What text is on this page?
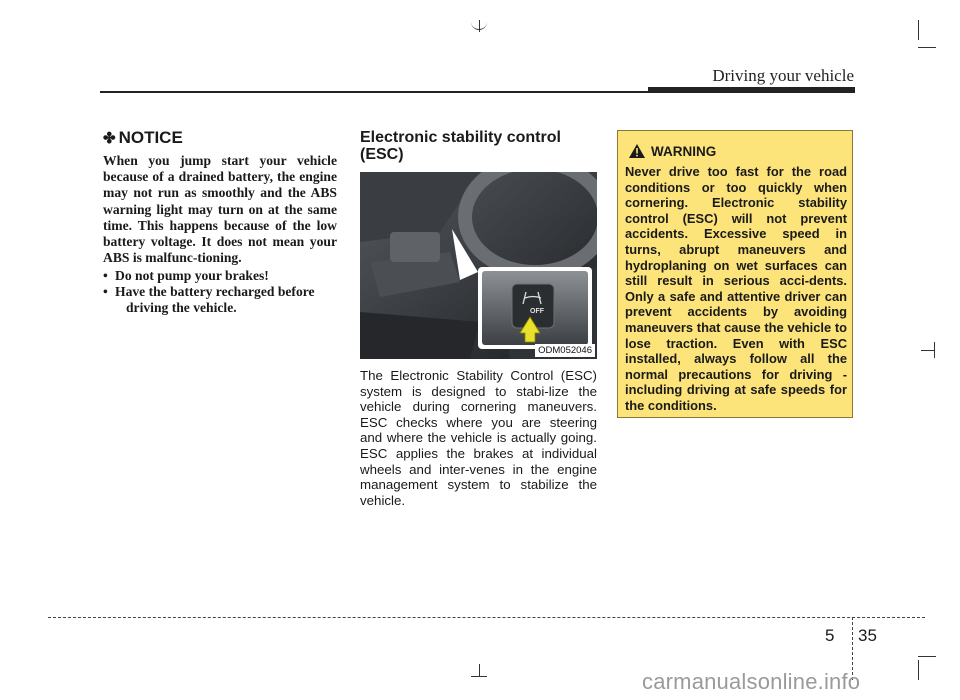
Driving your vehicle
✤ NOTICE

When you jump start your vehicle because of a drained battery, the engine may not run as smoothly and the ABS warning light may turn on at the same time. This happens because of the low battery voltage. It does not mean your ABS is malfunc-tioning.

• Do not pump your brakes!
• Have the battery recharged before
driving the vehicle.
Electronic stability control (ESC)
OFF
ODM052046

The Electronic Stability Control (ESC) system is designed to stabi-lize the vehicle during cornering maneuvers. ESC checks where you are steering and where the vehicle is actually going. ESC applies the brakes at individual wheels and inter-venes in the engine management system to stabilize the vehicle.

WARNING

Never drive too fast for the road conditions or too quickly when cornering. Electronic stability control (ESC) will not prevent accidents. Excessive speed in turns, abrupt maneuvers and hydroplaning on wet surfaces can still result in serious acci-dents. Only a safe and attentive driver can prevent accidents by avoiding maneuvers that cause the vehicle to lose traction. Even with ESC installed, always follow all the normal precautions for driving - including driving at safe speeds for the conditions.

5 35
carmanualsonline.info
